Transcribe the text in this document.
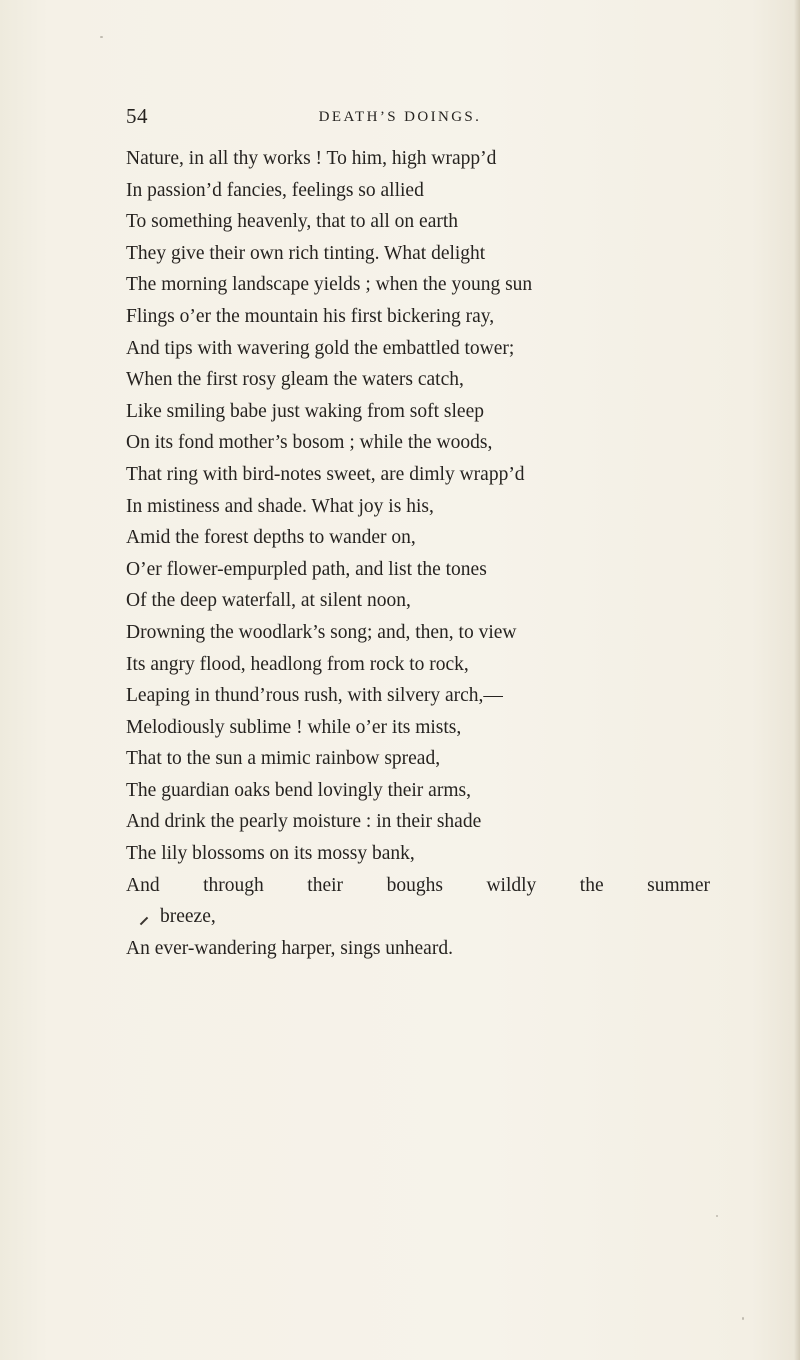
54	DEATH’S DOINGS.
Nature, in all thy works ! To him, high wrapp’d
In passion’d fancies, feelings so allied
To something heavenly, that to all on earth
They give their own rich tinting. What delight
The morning landscape yields ; when the young sun
Flings o’er the mountain his first bickering ray,
And tips with wavering gold the embattled tower;
When the first rosy gleam the waters catch,
Like smiling babe just waking from soft sleep
On its fond mother’s bosom ; while the woods,
That ring with bird-notes sweet, are dimly wrapp’d
In mistiness and shade. What joy is his,
Amid the forest depths to wander on,
O’er flower-empurpled path, and list the tones
Of the deep waterfall, at silent noon,
Drowning the woodlark’s song; and, then, to view
Its angry flood, headlong from rock to rock,
Leaping in thund’rous rush, with silvery arch,—
Melodiously sublime ! while o’er its mists,
That to the sun a mimic rainbow spread,
The guardian oaks bend lovingly their arms,
And drink the pearly moisture : in their shade
The lily blossoms on its mossy bank,
And through their boughs wildly the summer
breeze,
An ever-wandering harper, sings unheard.
